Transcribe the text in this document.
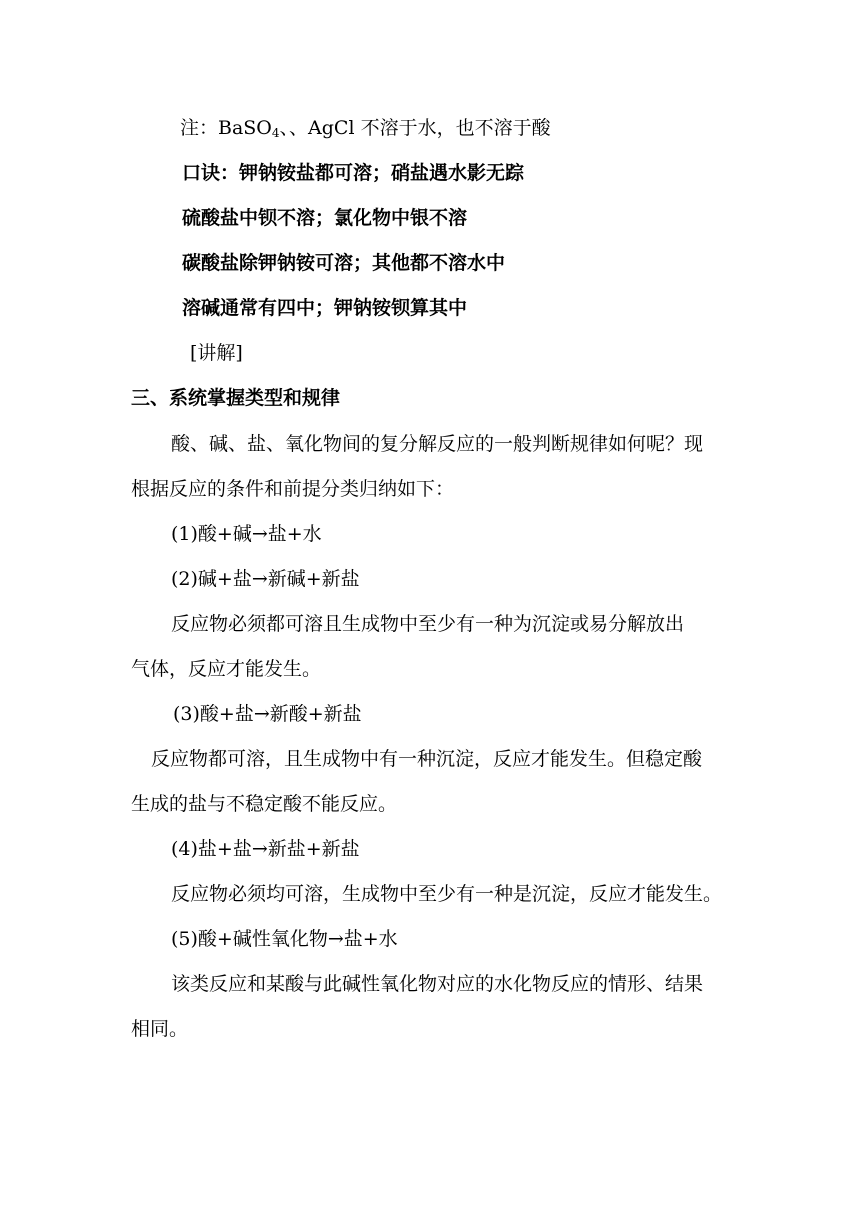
注：BaSO$_4$、、AgCl 不溶于水，也不溶于酸
口诀：钾钠铵盐都可溶；硝盐遇水影无踪
硫酸盐中钡不溶；氯化物中银不溶
碳酸盐除钾钠铵可溶；其他都不溶水中
溶碱通常有四中；钾钠铵钡算其中
[讲解]
三、系统掌握类型和规律
酸、碱、盐、氧化物间的复分解反应的一般判断规律如何呢？现
根据反应的条件和前提分类归纳如下：
(1)酸+碱→盐+水
(2)碱+盐→新碱+新盐
反应物必须都可溶且生成物中至少有一种为沉淀或易分解放出
气体，反应才能发生。
(3)酸+盐→新酸+新盐
反应物都可溶，且生成物中有一种沉淀，反应才能发生。但稳定酸
生成的盐与不稳定酸不能反应。
(4)盐+盐→新盐+新盐
反应物必须均可溶，生成物中至少有一种是沉淀，反应才能发生。
(5)酸+碱性氧化物→盐+水
该类反应和某酸与此碱性氧化物对应的水化物反应的情形、结果
相同。
